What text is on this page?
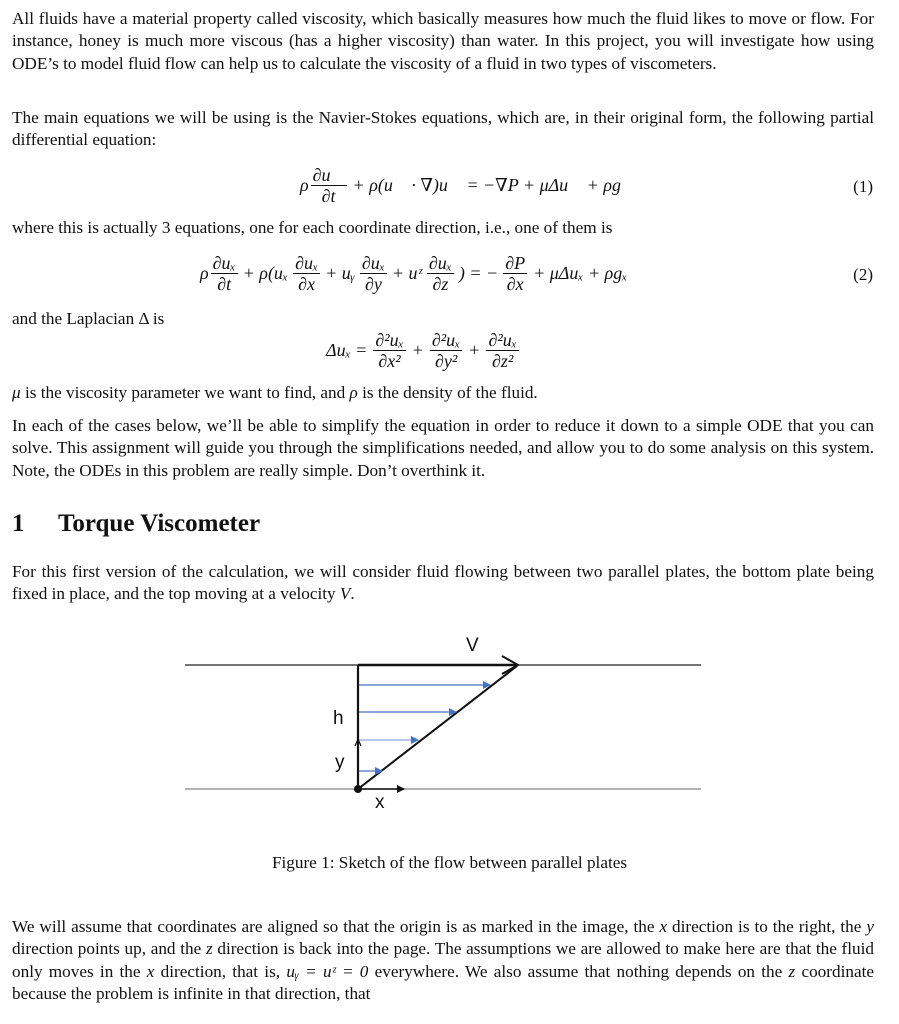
All fluids have a material property called viscosity, which basically measures how much the fluid likes to move or flow. For instance, honey is much more viscous (has a higher viscosity) than water. In this project, you will investigate how using ODE’s to model fluid flow can help us to calculate the viscosity of a fluid in two types of viscometers.

The main equations we will be using is the Navier-Stokes equations, which are, in their original form, the following partial differential equation:

ρ $\frac{\partial u⃗}{\partial t}$ + ρ(u⃗ · ∇)u⃗ = −∇P + μΔu⃗ + ρg⃗	(1)

where this is actually 3 equations, one for each coordinate direction, i.e., one of them is

ρ $\frac{\text{∂uₓ}}{\partial t} + \rho(u_x \frac{\text{∂uₓ}}{\partial x}$ + uᵧ $\frac{\text{∂uₓ}}{\partial y}$ + uᶻ $\frac{\text{∂uₓ}}{\partial z}$ ) = − $\frac{\partial P}{\partial x} + \mu\Delta u_x + \rho g_x$	(2)

and the Laplacian Δ is

$\Delta u_x = \frac{\text{∂²uₓ}}{\text{∂x²}} + \frac{\text{∂²uₓ}}{\text{∂y²}} + \frac{\text{∂²uₓ}}{\text{∂z²}}$

μ is the viscosity parameter we want to find, and ρ is the density of the fluid.

In each of the cases below, we’ll be able to simplify the equation in order to reduce it down to a simple ODE that you can solve. This assignment will guide you through the simplifications needed, and allow you to do some analysis on this system. Note, the ODEs in this problem are really simple. Don’t overthink it.

1 Torque Viscometer

For this first version of the calculation, we will consider fluid flowing between two parallel plates, the bottom plate being fixed in place, and the top moving at a velocity V.

V
h
y
x
Figure 1: Sketch of the flow between parallel plates

We will assume that coordinates are aligned so that the origin is as marked in the image, the x direction is to the right, the y direction points up, and the z direction is back into the page. The assumptions we are allowed to make here are that the fluid only moves in the x direction, that is, uᵧ = uᶻ = 0 everywhere. We also assume that nothing depends on the z coordinate because the problem is infinite in that direction, that
